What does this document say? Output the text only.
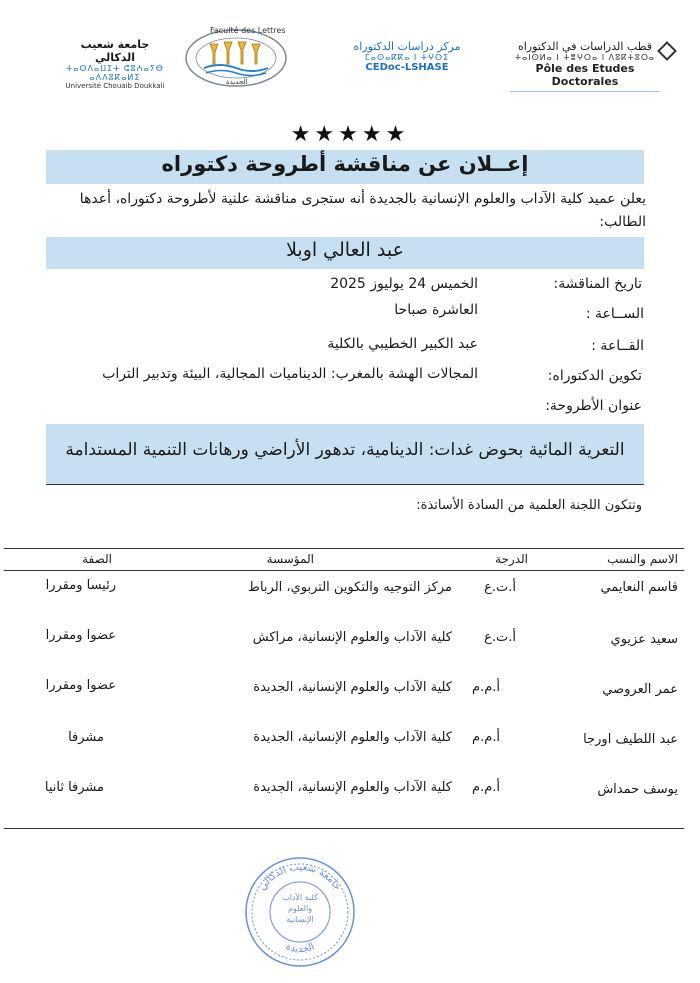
قطب الدراسات في الدكتوراه
ⵜⴰⵏⵙⵍⴰ ⵏ ⵜⴻⵖⵔⴰ ⵏ ⴷⵓⴽⵜⵓⵔⴰ
Pôle des Etudes Doctorales
مركز دراسات الدكتوراه
ⵎⴰⵙⴰⴽⴽⴰ ⵏ ⵜⵖⵔⵉ
CEDoc-LSHASE
Faculté des Lettres
الجديدة
جامعة شعيب الدكالي
ⵜⴰⵙⴷⴰⵡⵉⵜ ⵛⵓⵄⴰⵢⴱ ⴰⴷⴷⵓⴽⴰⵍⵉ
Université Chouaib Doukkali
★★★★★
إعــلان عن مناقشة أطروحة دكتوراه
يعلن عميد كلية الآداب والعلوم الإنسانية بالجديدة أنه ستجرى مناقشة علنية لأطروحة دكتوراه، أعدها الطالب:
عبد العالي اوبلا
تاريخ المناقشة:
الخميس 24 يوليوز 2025
الســاعة :
العاشرة صباحا
القــاعة :
عبد الكبير الخطيبي بالكلية
تكوين الدكتوراه:
المجالات الهشة بالمغرب: الديناميات المجالية، البيئة وتدبير التراب
عنوان الأطروحة:
التعرية المائية بحوض غدات: الدينامية، تدهور الأراضي ورهانات التنمية المستدامة
وتتكون اللجنة العلمية من السادة الأساتذة:
الاسم والنسب
الدرجة
المؤسسة
الصفة
قاسم النعايمي
أ.ت.ع
مركز التوجيه والتكوين التربوي، الرباط
رئيسا ومقررا
سعيد عزيوي
أ.ت.ع
كلية الآداب والعلوم الإنسانية، مراكش
عضوا ومقررا
عمر العروصي
أ.م.م
كلية الآداب والعلوم الإنسانية، الجديدة
عضوا ومقررا
عبد اللطيف اورجا
أ.م.م
كلية الآداب والعلوم الإنسانية، الجديدة
مشرفا
يوسف حمداش
أ.م.م
كلية الآداب والعلوم الإنسانية، الجديدة
مشرفا ثانيا
جامعة شعيب الدكالي
الجديدة
كلية الآداب والعلوم الإنسانية
